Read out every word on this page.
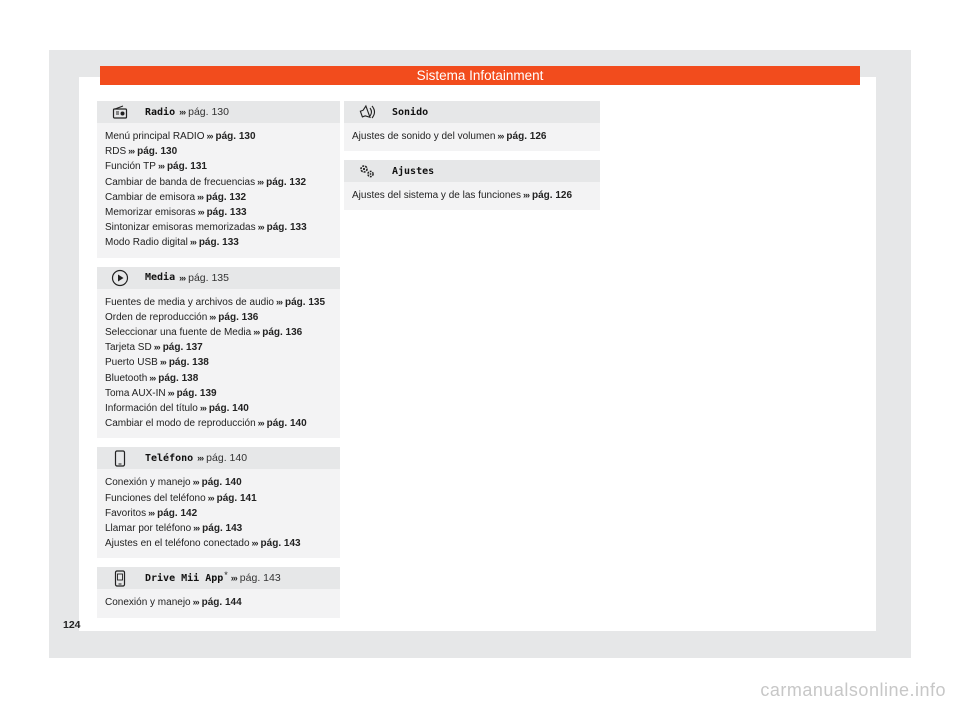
Sistema Infotainment
Radio ››› pág. 130
Menú principal RADIO ››› pág. 130
RDS ››› pág. 130
Función TP ››› pág. 131
Cambiar de banda de frecuencias ››› pág. 132
Cambiar de emisora ››› pág. 132
Memorizar emisoras ››› pág. 133
Sintonizar emisoras memorizadas ››› pág. 133
Modo Radio digital ››› pág. 133
Media ››› pág. 135
Fuentes de media y archivos de audio ››› pág. 135
Orden de reproducción ››› pág. 136
Seleccionar una fuente de Media ››› pág. 136
Tarjeta SD ››› pág. 137
Puerto USB ››› pág. 138
Bluetooth ››› pág. 138
Toma AUX-IN ››› pág. 139
Información del título ››› pág. 140
Cambiar el modo de reproducción ››› pág. 140
Teléfono ››› pág. 140
Conexión y manejo ››› pág. 140
Funciones del teléfono ››› pág. 141
Favoritos ››› pág. 142
Llamar por teléfono ››› pág. 143
Ajustes en el teléfono conectado ››› pág. 143
Drive Mii App * ››› pág. 143
Conexión y manejo ››› pág. 144
Sonido
Ajustes de sonido y del volumen ››› pág. 126
Ajustes
Ajustes del sistema y de las funciones ››› pág. 126
124
carmanualsonline.info
